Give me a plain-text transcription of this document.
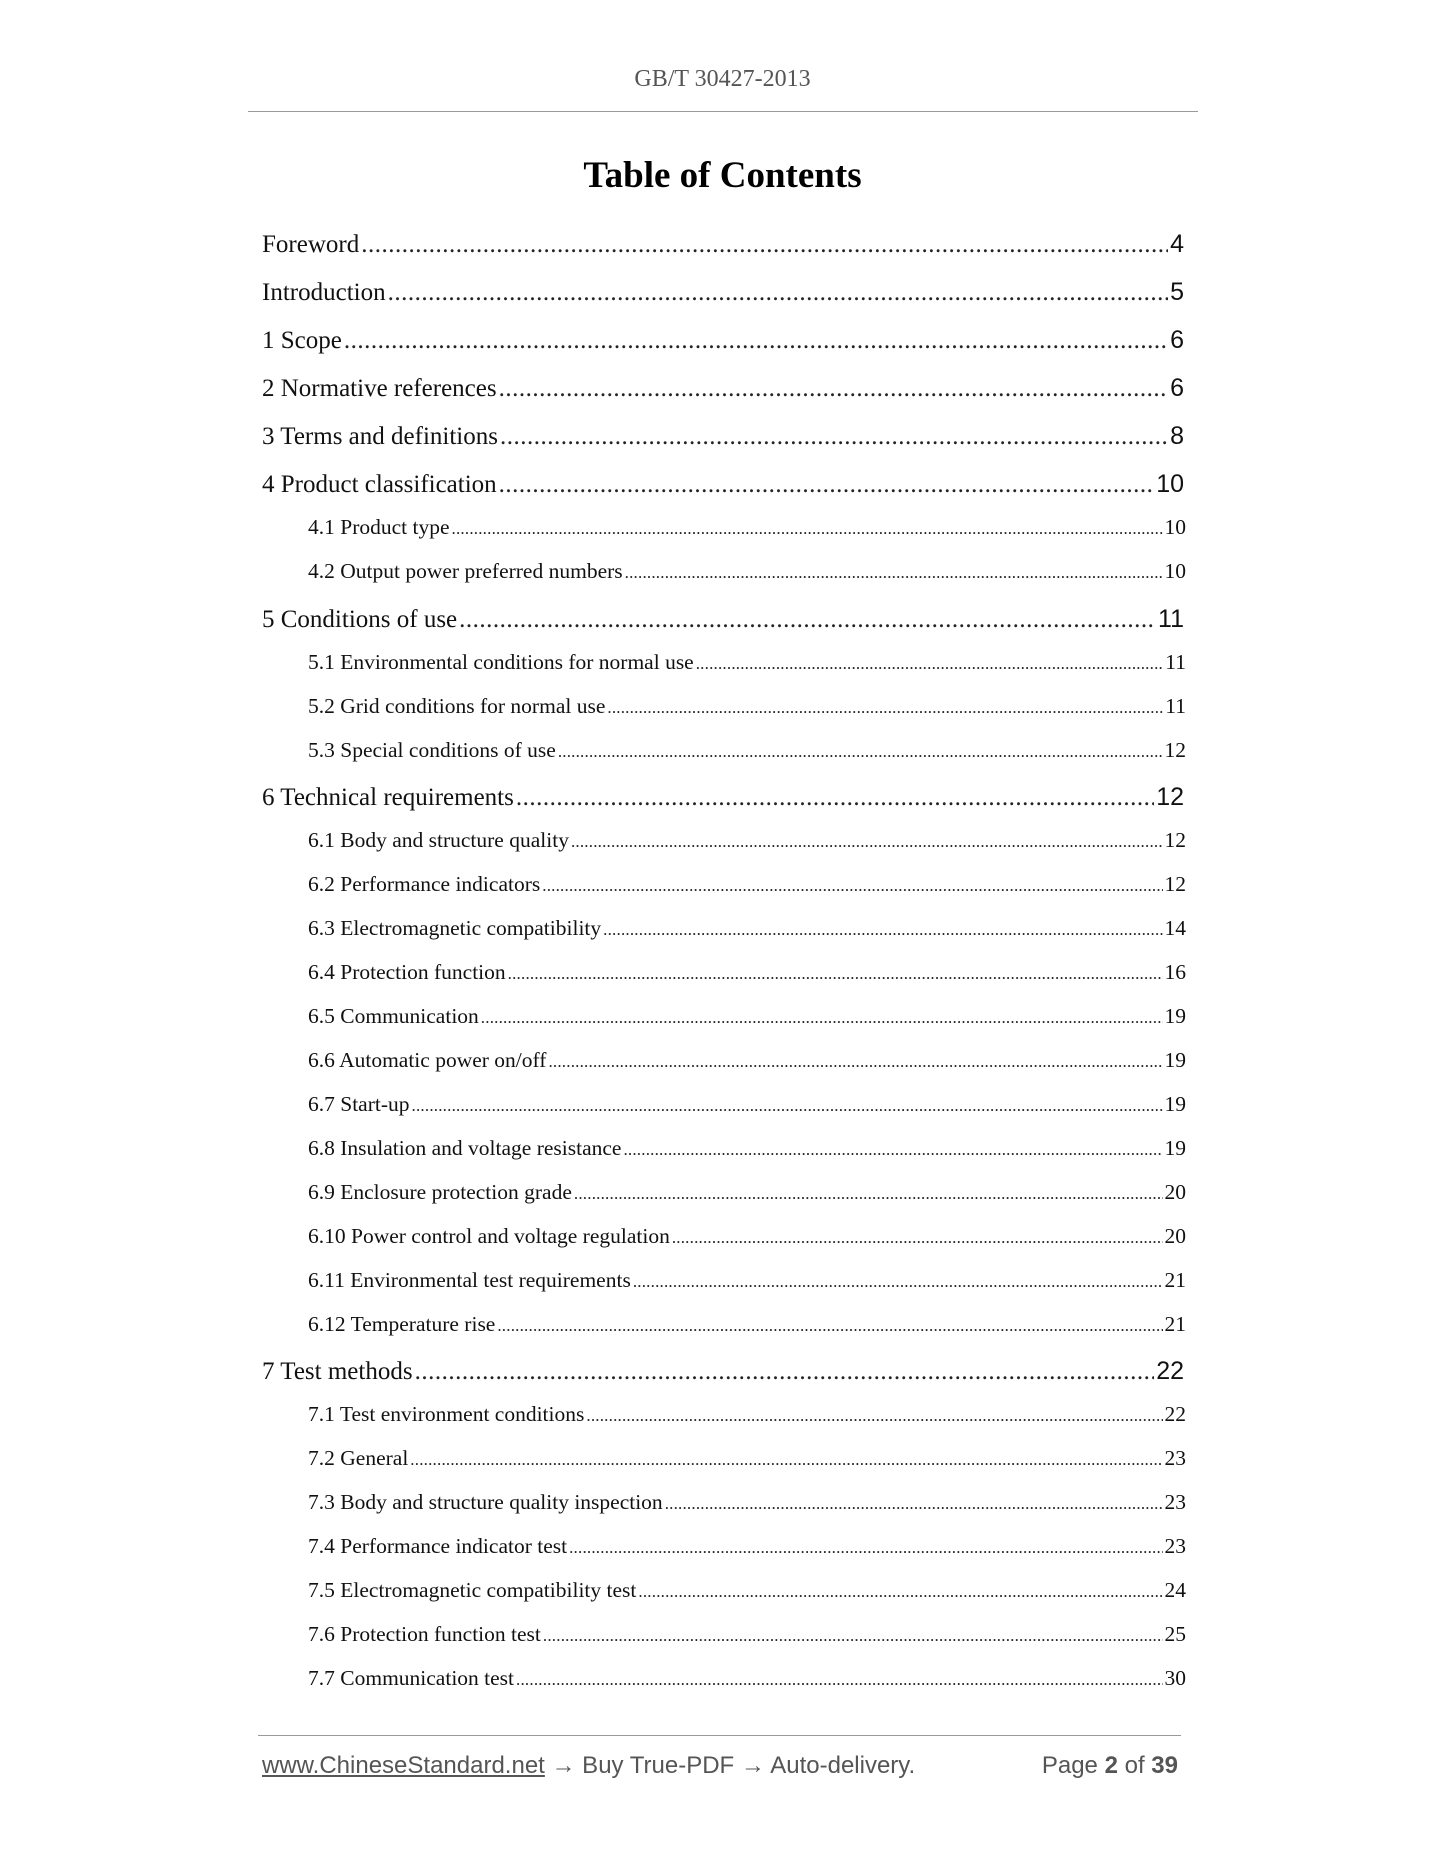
GB/T 30427-2013
Table of Contents
Foreword .....	4
Introduction .....	5
1 Scope .....	6
2 Normative references .....	6
3 Terms and definitions .....	8
4 Product classification .....	10
4.1 Product type .....	10
4.2 Output power preferred numbers .....	10
5 Conditions of use .....	11
5.1 Environmental conditions for normal use .....	11
5.2 Grid conditions for normal use .....	11
5.3 Special conditions of use .....	12
6 Technical requirements .....	12
6.1 Body and structure quality .....	12
6.2 Performance indicators .....	12
6.3 Electromagnetic compatibility .....	14
6.4 Protection function .....	16
6.5 Communication .....	19
6.6 Automatic power on/off .....	19
6.7 Start-up .....	19
6.8 Insulation and voltage resistance .....	19
6.9 Enclosure protection grade .....	20
6.10 Power control and voltage regulation .....	20
6.11 Environmental test requirements .....	21
6.12 Temperature rise .....	21
7 Test methods .....	22
7.1 Test environment conditions .....	22
7.2 General .....	23
7.3 Body and structure quality inspection .....	23
7.4 Performance indicator test .....	23
7.5 Electromagnetic compatibility test .....	24
7.6 Protection function test .....	25
7.7 Communication test .....	30
www.ChineseStandard.net → Buy True-PDF → Auto-delivery.	Page 2 of 39
